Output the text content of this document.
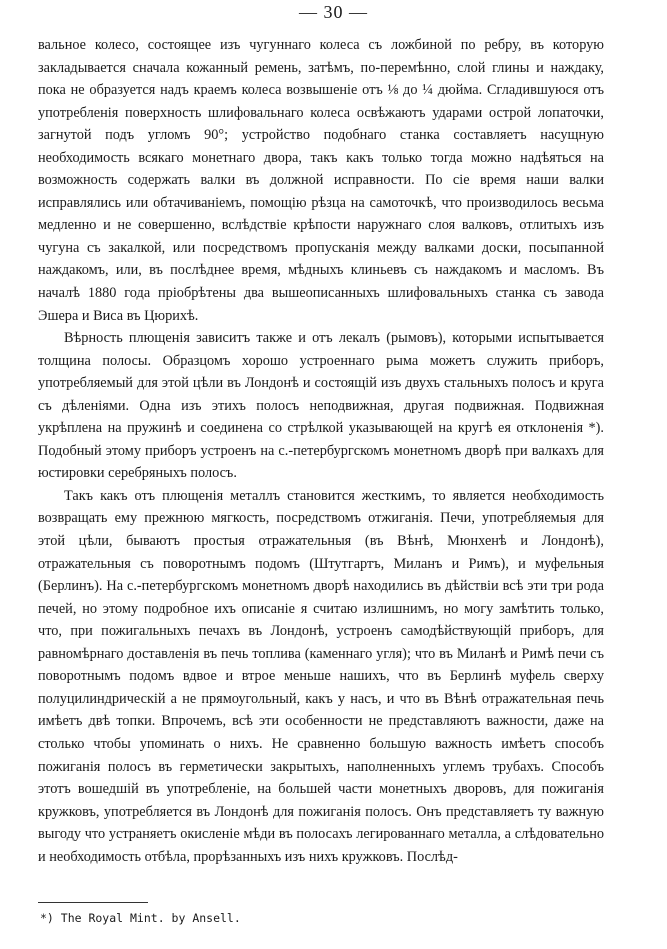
— 30 —

вальное колесо, состоящее изъ чугуннаго колеса съ ложбиной по ребру, въ которую закладывается сначала кожанный ремень, затѣмъ, по-перемѣнно, слой глины и наждаку, пока не образуется надъ краемъ колеса возвышеніе отъ ⅛ до ¼ дюйма. Сгладившуюся отъ употребленія поверхность шлифовальнаго колеса освѣжаютъ ударами острой лопаточки, загнутой подъ угломъ 90°; устройство подобнаго станка составляетъ насущную необходимость всякаго монетнаго двора, такъ какъ только тогда можно надѣяться на возможность содержать валки въ должной исправности. По сіе время наши валки исправлялись или обтачиваніемъ, помощію рѣзца на самоточкѣ, что производилось весьма медленно и не совершенно, вслѣдствіе крѣпости наружнаго слоя валковъ, отлитыхъ изъ чугуна съ закалкой, или посредствомъ пропусканія между валками доски, посыпанной наждакомъ, или, въ послѣднее время, мѣдныхъ клиньевъ съ наждакомъ и масломъ. Въ началѣ 1880 года пріобрѣтены два вышеописанныхъ шлифовальныхъ станка съ завода Эшера и Виса въ Цюрихѣ.

Вѣрность плющенія зависитъ также и отъ лекалъ (рымовъ), которыми испытывается толщина полосы. Образцомъ хорошо устроеннаго рыма можетъ служить приборъ, употребляемый для этой цѣли въ Лондонѣ и состоящій изъ двухъ стальныхъ полосъ и круга съ дѣленіями. Одна изъ этихъ полосъ неподвижная, другая подвижная. Подвижная укрѣплена на пружинѣ и соединена со стрѣлкой указывающей на кругѣ ея отклоненія *). Подобный этому приборъ устроенъ на с.-петербургскомъ монетномъ дворѣ при валкахъ для юстировки серебряныхъ полосъ.

Такъ какъ отъ плющенія металлъ становится жесткимъ, то является необходимость возвращать ему прежнюю мягкость, посредствомъ отжиганія. Печи, употребляемыя для этой цѣли, бываютъ простыя отражательныя (въ Вѣнѣ, Мюнхенѣ и Лондонѣ), отражательныя съ поворотнымъ подомъ (Штутгартъ, Миланъ и Римъ), и муфельныя (Берлинъ). На с.-петербургскомъ монетномъ дворѣ находились въ дѣйствіи всѣ эти три рода печей, но этому подробное ихъ описаніе я считаю излишнимъ, но могу замѣтить только, что, при пожигальныхъ печахъ въ Лондонѣ, устроенъ самодѣйствующій приборъ, для равномѣрнаго доставленія въ печь топлива (каменнаго угля); что въ Миланѣ и Римѣ печи съ поворотнымъ подомъ вдвое и втрое меньше нашихъ, что въ Берлинѣ муфель сверху полуцилиндрическій а не прямоугольный, какъ у насъ, и что въ Вѣнѣ отражательная печь имѣетъ двѣ топки. Впрочемъ, всѣ эти особенности не представляютъ важности, даже на столько чтобы упоминать о нихъ. Не сравненно большую важность имѣетъ способъ пожиганія полосъ въ герметически закрытыхъ, наполненныхъ углемъ трубахъ. Способъ этотъ вошедшій въ употребленіе, на большей части монетныхъ дворовъ, для пожиганія кружковъ, употребляется въ Лондонѣ для пожиганія полосъ. Онъ представляетъ ту важную выгоду что устраняетъ окисленіе мѣди въ полосахъ легированнаго металла, а слѣдовательно и необходимость отбѣла, прорѣзанныхъ изъ нихъ кружковъ. Послѣд-

*) The Royal Mint. by Ansell.
